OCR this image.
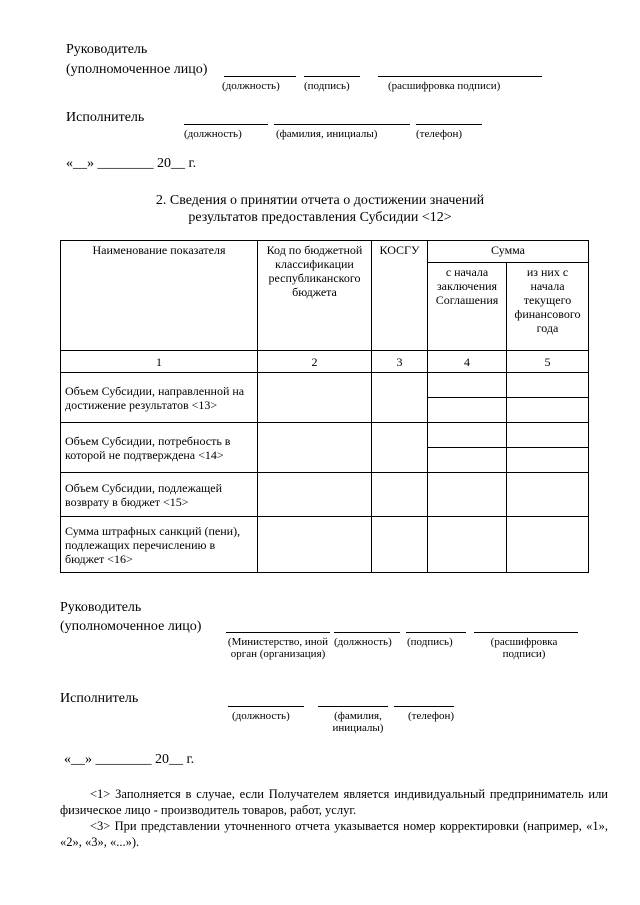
Руководитель
(уполномоченное лицо)
(должность) (подпись)	(расшифровка подписи)
Исполнитель
(должность)	(фамилия, инициалы)	(телефон)
«__» ________ 20__ г.
2. Сведения о принятии отчета о достижении значений
результатов предоставления Субсидии <12>
Наименование показателя	Код по бюджетной классификации республиканского бюджета	КОСГУ	Сумма	
			с начала заключения Соглашения	из них с начала текущего финансового года
1	2	3	4	5
Объем Субсидии, направленной на достижение результатов <13>				

Объем Субсидии, потребность в которой не подтверждена <14>				

Объем Субсидии, подлежащей возврату в бюджет <15>				
Сумма штрафных санкций (пени), подлежащих перечислению в бюджет <16>				
Руководитель
(уполномоченное лицо)
(Министерство, иной орган (организация)
(должность) (подпись)	(расшифровка подписи)
Исполнитель
(должность)	(фамилия, инициалы)
(телефон)
«__» ________ 20__ г.
<1> Заполняется в случае, если Получателем является индивидуальный предприниматель или физическое лицо - производитель товаров, работ, услуг.
<3> При представлении уточненного отчета указывается номер корректировки (например, «1», «2», «3», «...»).
